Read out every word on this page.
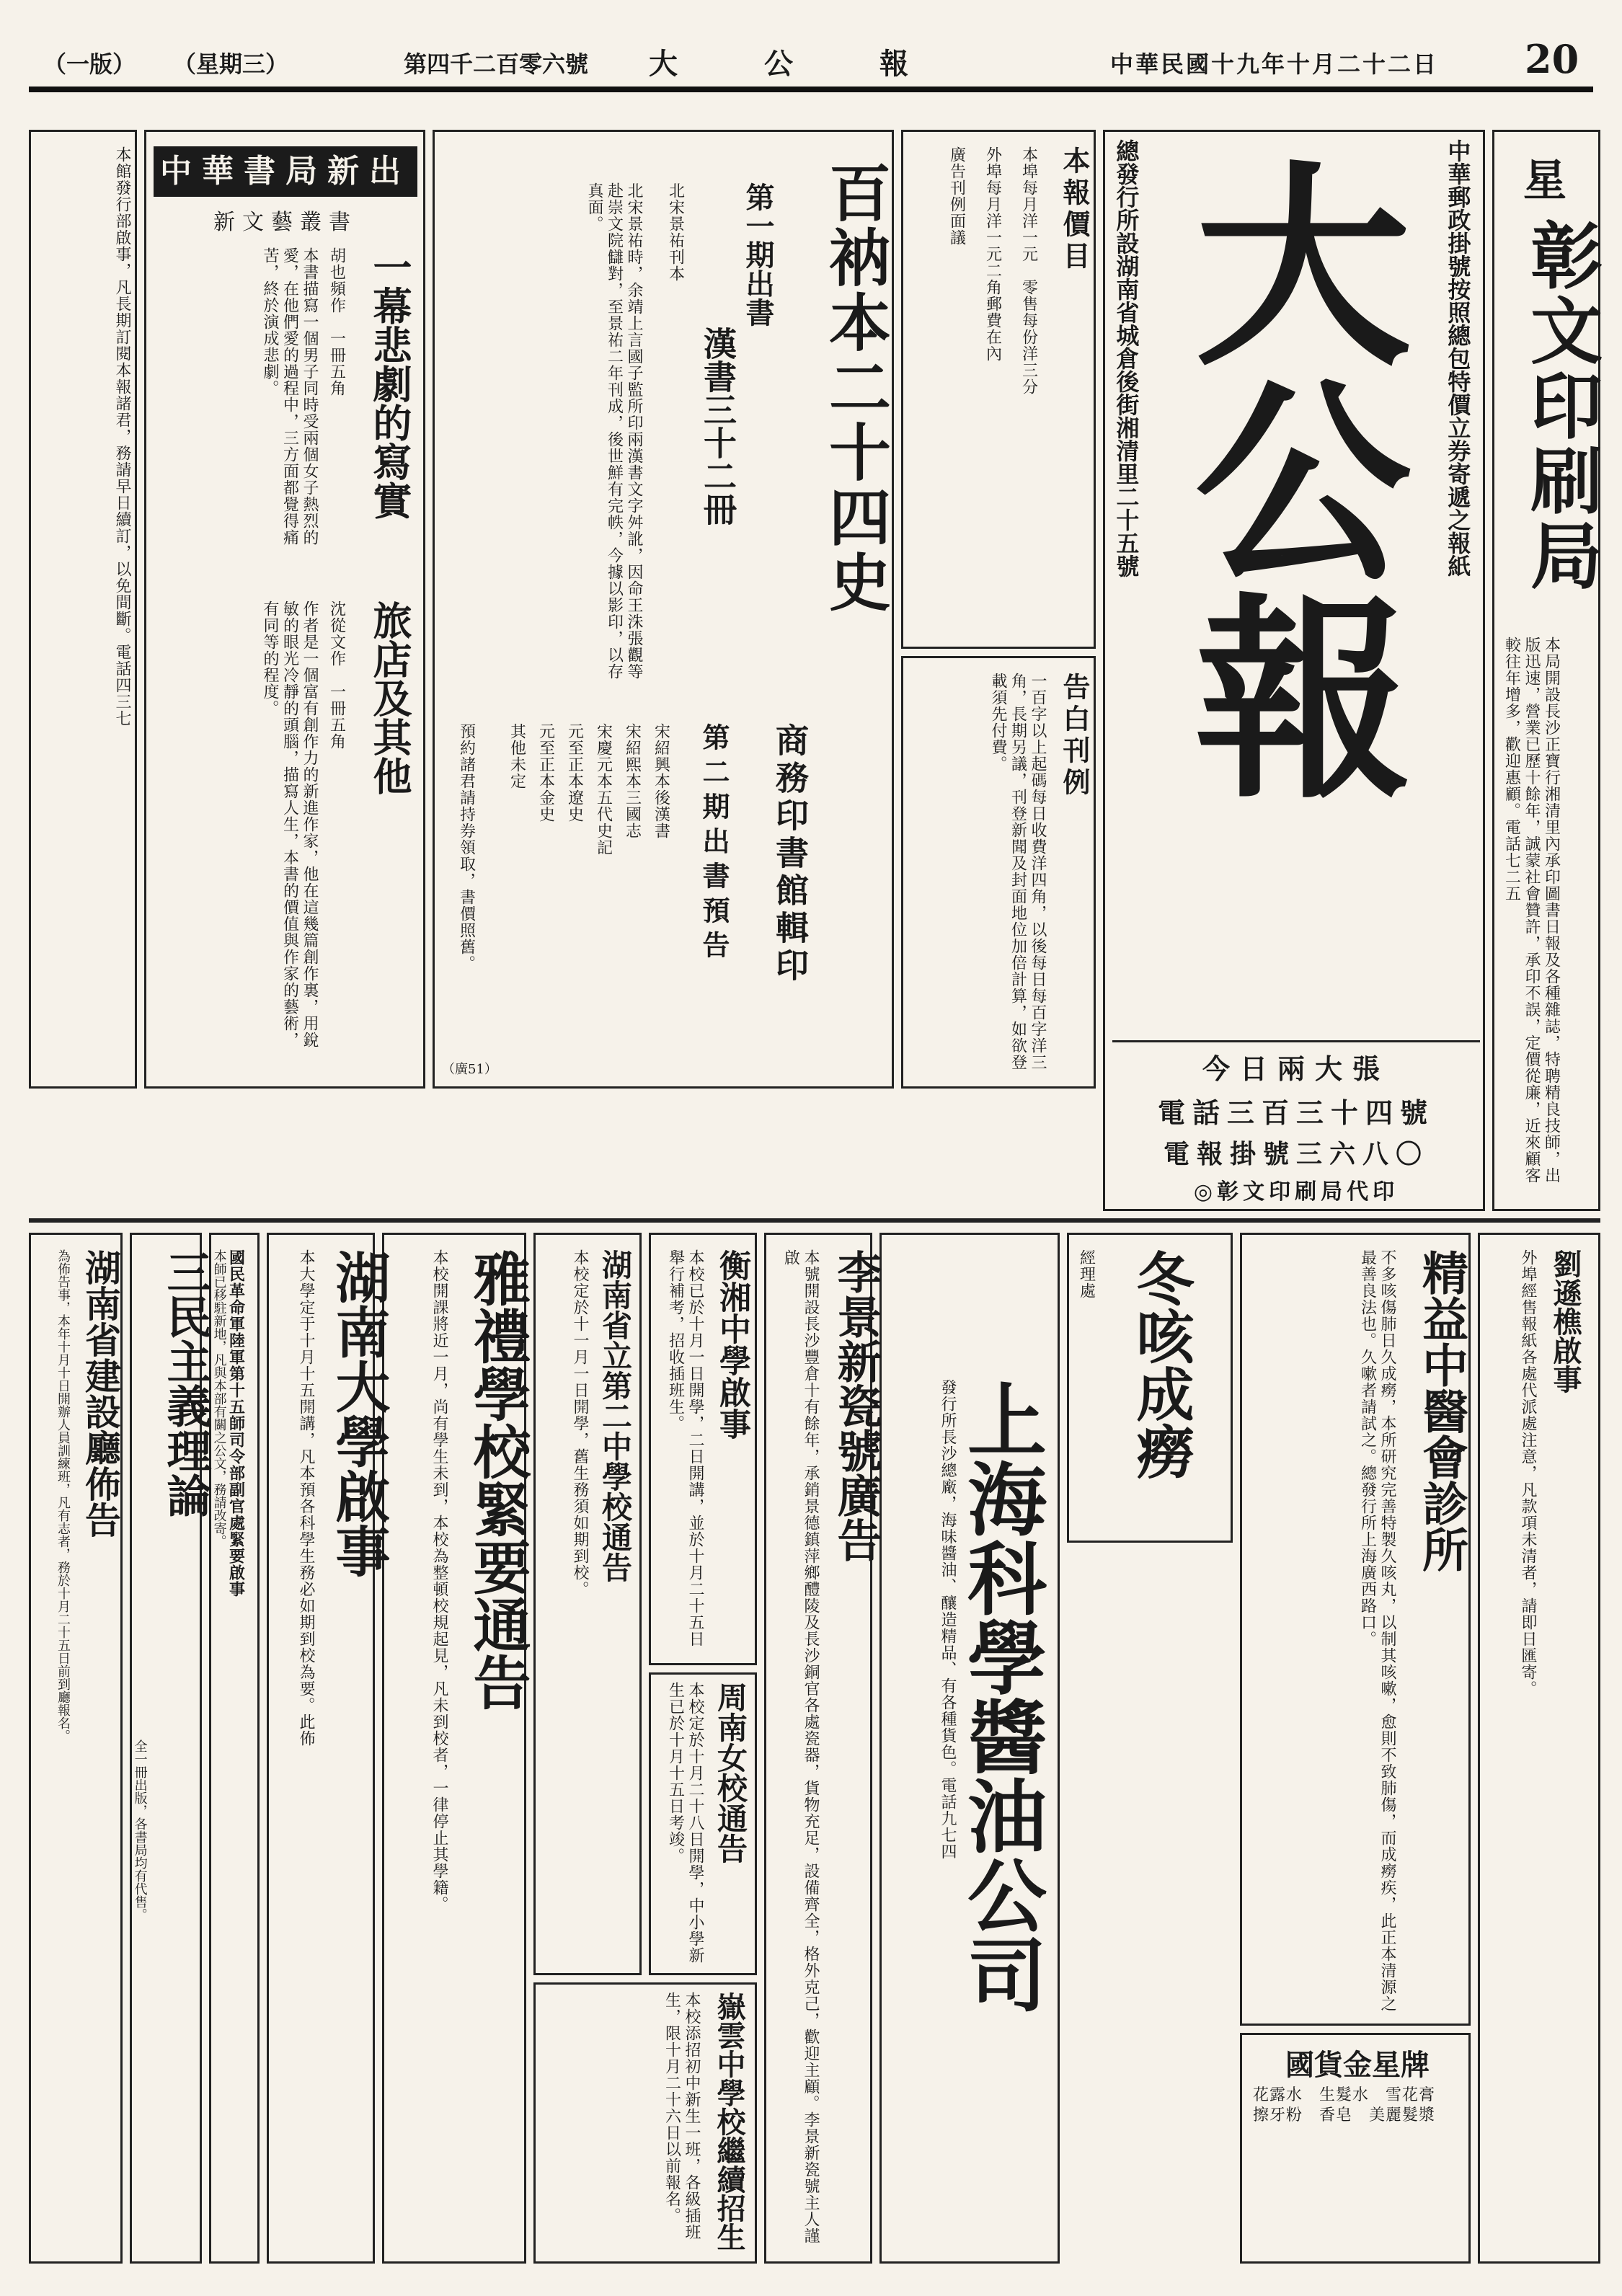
20
中華民國十九年十月二十二日
大　公　報
第四千二百零六號
（星期三）
（一版）
星
彰文印刷局
本局開設長沙正寶行湘清里內承印圖書日報及各種雜誌，特聘精良技師，出版迅速，營業已歷十餘年，誠蒙社會贊許，承印不誤，定價從廉，近來顧客較往年增多，歡迎惠顧。電話七二五
大公報 中華郵政掛號按照總包特價立券寄遞之報紙
總發行所設湖南省城倉後街湘清里二十五號
今日兩大張
電話三百三十四號
電報掛號三六八〇
◎彰文印刷局代印
本報價目
本埠每月洋一元　零售每份洋三分
外埠每月洋一元二角郵費在內
廣告刊例面議
告白刊例
一百字以上起碼每日收費洋四角，以後每日每百字洋三角，長期另議，刊登新聞及封面地位加倍計算，如欲登載須先付費。
百衲本二十四史
商務印書館輯印
第一期出書
漢書三十二冊
北宋景祐刊本
第二期出書預告
宋紹興本後漢書
宋紹熙本三國志
宋慶元本五代史記
元至正本遼史
元至正本金史
其他未定
北宋景祐時，余靖上言國子監所印兩漢書文字舛訛，因命王洙張觀等赴崇文院讎對，至景祐二年刊成，後世鮮有完帙，今據以影印，以存真面。
預約諸君請持券領取，書價照舊。
（廣51）
中華書局新出
新文藝叢書
一幕悲劇的寫實
胡也頻作　一冊五角
本書描寫一個男子同時受兩個女子熱烈的愛，在他們愛的過程中，三方面都覺得痛苦，終於演成悲劇。
旅店及其他
沈從文作　一冊五角
作者是一個富有創作力的新進作家，他在這幾篇創作裏，用銳敏的眼光冷靜的頭腦，描寫人生，本書的價值與作家的藝術，有同等的程度。
本館發行部啟事，凡長期訂閱本報諸君，務請早日續訂，以免間斷。電話四三七
劉遜樵啟事
外埠經售報紙各處代派處注意，凡款項未清者，請即日匯寄。
精益中醫會診所
不多咳傷肺日久成癆，本所研究完善特製久咳丸，以制其咳嗽，愈則不致肺傷，而成癆疾，此正本清源之最善良法也。久嗽者請試之。總發行所上海廣西路口。
國貨金星牌
花露水　生髮水　雪花膏　擦牙粉　香皂　美麗髮漿
冬咳成癆
經理處
上海科學醬油公司
發行所長沙總廠，海味醬油、釀造精品、有各種貨色。電話九七四
李景新瓷號廣告
本號開設長沙豐倉十有餘年，承銷景德鎮萍鄉醴陵及長沙銅官各處瓷器，貨物充足，設備齊全，格外克己，歡迎主顧。李景新瓷號主人謹啟
衡湘中學啟事
本校已於十月一日開學，二日開講，並於十月二十五日舉行補考，招收插班生。
周南女校通告
本校定於十月二十八日開學，中小學新生已於十月十五日考竣。
湖南省立第二中學校通告
本校定於十一月一日開學，舊生務須如期到校。
嶽雲中學校繼續招生
本校添招初中新生一班，各級插班生，限十月二十六日以前報名。
雅禮學校緊要通告
本校開課將近一月，尚有學生未到，本校為整頓校規起見，凡未到校者，一律停止其學籍。
湖南大學啟事
本大學定于十月十五開講，凡本預各科學生務必如期到校為要。此佈
國民革命軍陸軍第十五師司令部副官處緊要啟事
本師已移駐新地，凡與本部有關之公文，務請改寄。
三民主義理論
全一冊出版，各書局均有代售。
湖南省建設廳佈告
為佈告事，本年十月十日開辦人員訓練班，凡有志者，務於十月二十五日前到廳報名。
